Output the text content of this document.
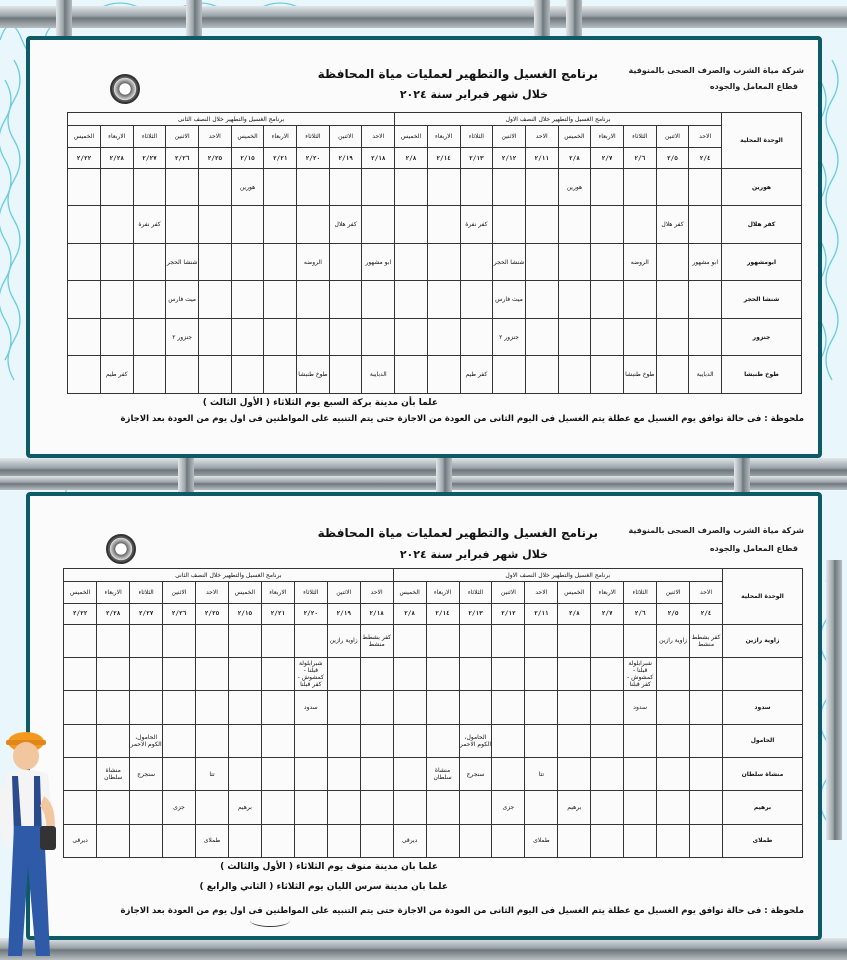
شركة مياة الشرب والصرف الصحى بالمنوفية
قطاع المعامل والجوده
برنامج الغسيل والتطهير لعمليات مياة المحافظة
خلال شهر فبراير سنة ٢٠٢٤
الوحدة المحلية	برنامج الغسيل والتطهير خلال النصف الاول										برنامج الغسيل والتطهير خلال النصف الثانى									
	الاحد	الاثنين	الثلاثاء	الاربعاء	الخميس	الاحد	الاثنين	الثلاثاء	الاربعاء	الخميس	الاحد	الاثنين	الثلاثاء	الاربعاء	الخميس	الاحد	الاثنين	الثلاثاء	الاربعاء	الخميس
	٢/٤	٢/٥	٢/٦	٢/٧	٢/٨	٢/١١	٢/١٢	٢/١٣	٢/١٤	٢/٨	٢/١٨	٢/١٩	٢/٢٠	٢/٢١	٢/١٥	٢/٢٥	٢/٢٦	٢/٢٧	٢/٢٨	٢/٢٢
هورين					هورين										هورين					
كفر هلال		كفر هلال						كفر نفرة				كفر هلال						كفر نفرة		
ابومشهور	ابو مشهور		الروضه				شنشا الحجر				ابو مشهور		الروضه				شنشا الحجر			
شنشا الحجر							ميت فارس										ميت فارس			
جنزور							جنزور ٢										جنزور ٢			
طوخ طنبشا	الدبايبة		طوخ طنبشا					كفر طيم			الدبايبة		طوخ طنبشا						كفر طيم	
علما بأن مدينة بركة السبع يوم الثلاثاء ( الأول الثالث )
ملحوظة : فى حالة توافق يوم الغسيل مع عطلة يتم الغسيل فى اليوم الثانى من العودة من الاجازة حتى يتم التنبيه على المواطنين فى اول يوم من العودة بعد الاجازة
شركة مياة الشرب والصرف الصحى بالمنوفية
قطاع المعامل والجوده
برنامج الغسيل والتطهير لعمليات مياة المحافظة
خلال شهر فبراير سنة ٢٠٢٤
الوحدة المحلية	برنامج الغسيل والتطهير خلال النصف الاول										برنامج الغسيل والتطهير خلال النصف الثانى									
	الاحد	الاثنين	الثلاثاء	الاربعاء	الخميس	الاحد	الاثنين	الثلاثاء	الاربعاء	الخميس	الاحد	الاثنين	الثلاثاء	الاربعاء	الخميس	الاحد	الاثنين	الثلاثاء	الاربعاء	الخميس
	٢/٤	٢/٥	٢/٦	٢/٧	٢/٨	٢/١١	٢/١٢	٢/١٣	٢/١٤	٢/٨	٢/١٨	٢/١٩	٢/٢٠	٢/٢١	٢/١٥	٢/٢٥	٢/٢٦	٢/٢٧	٢/٢٨	٢/٢٢
زاوية رازين	كفر بشطط منشط	زاوية رازين									كفر بشطط منشط	زاوية رازين								
			شبرابلولة قبلنا - كمشوش - كفر قبلنا										شبرابلولة قبلنا - كمشوش - كفر قبلنا							
سدود			سدود										سدود							
الحامول								الحامول، الكوم الاحمر										الحامول، الكوم الاحمر		
منشاة سلطان						تتا		سنجرج	منشاة سلطان							تتا		سنجرج	منشاة سلطان	
برهيم					برهيم		جزى								برهيم		جزى			
طملاى						طملاى				ديرقى						طملاى				ديرقى
علما بان مدينة منوف يوم الثلاثاء ( الأول والثالث )
علما بان مدينة سرس الليان يوم الثلاثاء ( الثاني والرابع )
ملحوظة : فى حالة توافق يوم الغسيل مع عطلة يتم الغسيل فى اليوم الثانى من العودة من الاجازة حتى يتم التنبيه على المواطنين فى اول يوم من العودة بعد الاجازة
